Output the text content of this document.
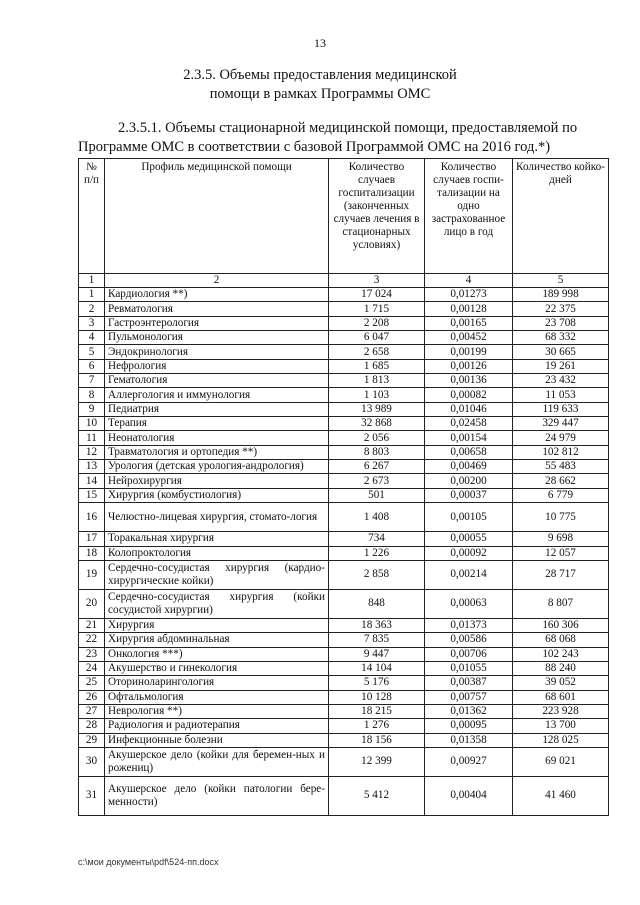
13
2.3.5. Объемы предоставления медицинской
помощи в рамках Программы ОМС
2.3.5.1. Объемы стационарной медицинской помощи, предоставляемой по Программе ОМС в соответствии с базовой Программой ОМС на 2016 год.*)
№ п/п	Профиль медицинской помощи	Количество случаев госпитализации (законченных случаев лечения в стационарных условиях)	Количество случаев госпи-тализации на одно застрахованное лицо в год	Количество койко-дней
1	2	3	4	5
1	Кардиология **)	17 024	0,01273	189 998
2	Ревматология	1 715	0,00128	22 375
3	Гастроэнтерология	2 208	0,00165	23 708
4	Пульмонология	6 047	0,00452	68 332
5	Эндокринология	2 658	0,00199	30 665
6	Нефрология	1 685	0,00126	19 261
7	Гематология	1 813	0,00136	23 432
8	Аллергология и иммунология	1 103	0,00082	11 053
9	Педиатрия	13 989	0,01046	119 633
10	Терапия	32 868	0,02458	329 447
11	Неонатология	2 056	0,00154	24 979
12	Травматология и ортопедия **)	8 803	0,00658	102 812
13	Урология (детская урология-андрология)	6 267	0,00469	55 483
14	Нейрохирургия	2 673	0,00200	28 662
15	Хирургия (комбустиология)	501	0,00037	6 779
16	Челюстно-лицевая хирургия, стомато-логия	1 408	0,00105	10 775
17	Торакальная хирургия	734	0,00055	9 698
18	Колопроктология	1 226	0,00092	12 057
19	Сердечно-сосудистая хирургия (кардио-хирургические койки)	2 858	0,00214	28 717
20	Сердечно-сосудистая хирургия (койки сосудистой хирургии)	848	0,00063	8 807
21	Хирургия	18 363	0,01373	160 306
22	Хирургия абдоминальная	7 835	0,00586	68 068
23	Онкология ***)	9 447	0,00706	102 243
24	Акушерство и гинекология	14 104	0,01055	88 240
25	Оториноларингология	5 176	0,00387	39 052
26	Офтальмология	10 128	0,00757	68 601
27	Неврология **)	18 215	0,01362	223 928
28	Радиология и радиотерапия	1 276	0,00095	13 700
29	Инфекционные болезни	18 156	0,01358	128 025
30	Акушерское дело (койки для беремен-ных и рожениц)	12 399	0,00927	69 021
31	Акушерское дело (койки патологии бере-менности)	5 412	0,00404	41 460
c:\мои документы\pdf\524-пп.docx
